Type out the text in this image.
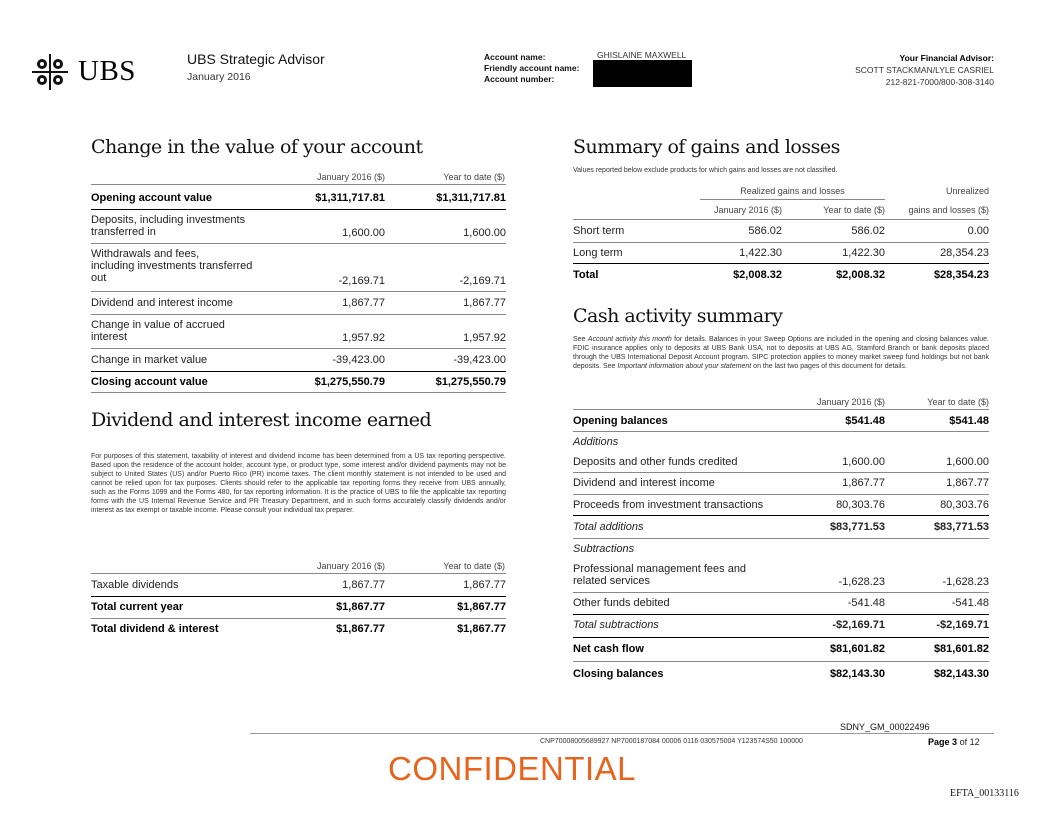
UBS	UBS Strategic Advisor
January 2016
Account name:
Friendly account name:
Account number:
GHISLAINE MAXWELL	Your Financial Advisor:
SCOTT STACKMAN/LYLE CASRIEL
212-821-7000/800-308-3140
Change in the value of your account
January 2016 ($)	Year to date ($)
Opening account value	$1,311,717.81	$1,311,717.81
Deposits, including investments
transferred in	1,600.00	1,600.00
Withdrawals and fees,
including investments transferred
out	-2,169.71	-2,169.71
Dividend and interest income	1,867.77	1,867.77
Change in value of accrued
interest	1,957.92	1,957.92
Change in market value	-39,423.00	-39,423.00
Closing account value	$1,275,550.79	$1,275,550.79
Dividend and interest income earned
For purposes of this statement, taxability of interest and dividend income has been determined from a US tax reporting perspective. Based upon the residence of the account holder, account type, or product type, some interest and/or dividend payments may not be subject to United States (US) and/or Puerto Rico (PR) income taxes. The client monthly statement is not intended to be used and cannot be relied upon for tax purposes. Clients should refer to the applicable tax reporting forms they receive from UBS annually, such as the Forms 1099 and the Forms 480, for tax reporting information. It is the practice of UBS to file the applicable tax reporting forms with the US Internal Revenue Service and PR Treasury Department, and in such forms accurately classify dividends and/or interest as tax exempt or taxable income. Please consult your individual tax preparer.
January 2016 ($)	Year to date ($)
Taxable dividends	1,867.77	1,867.77
Total current year	$1,867.77	$1,867.77
Total dividend & interest	$1,867.77	$1,867.77
Summary of gains and losses
Values reported below exclude products for which gains and losses are not classified.
Realized gains and losses	Unrealized
January 2016 ($)	Year to date ($)	gains and losses ($)
Short term	586.02	586.02	0.00
Long term	1,422.30	1,422.30	28,354.23
Total	$2,008.32	$2,008.32	$28,354.23
Cash activity summary
See Account activity this month for details. Balances in your Sweep Options are included in the opening and closing balances value. FDIC insurance applies only to deposits at UBS Bank USA, not to deposits at UBS AG, Stamford Branch or bank deposits placed through the UBS International Deposit Account program. SIPC protection applies to money market sweep fund holdings but not bank deposits. See Important information about your statement on the last two pages of this document for details.
January 2016 ($)	Year to date ($)
Opening balances	$541.48	$541.48
Additions
Deposits and other funds credited	1,600.00	1,600.00
Dividend and interest income	1,867.77	1,867.77
Proceeds from investment transactions	80,303.76	80,303.76
Total additions	$83,771.53	$83,771.53
Subtractions
Professional management fees and
related services	-1,628.23	-1,628.23
Other funds debited	-541.48	-541.48
Total subtractions	-$2,169.71	-$2,169.71
Net cash flow	$81,601.82	$81,601.82
Closing balances	$82,143.30	$82,143.30
SDNY_GM_00022496
CNP70008005689927 NP7000187084 00006 0116 030575004 Y123574S50 100000	Page 3 of 12
CONFIDENTIAL
EFTA_00133116
